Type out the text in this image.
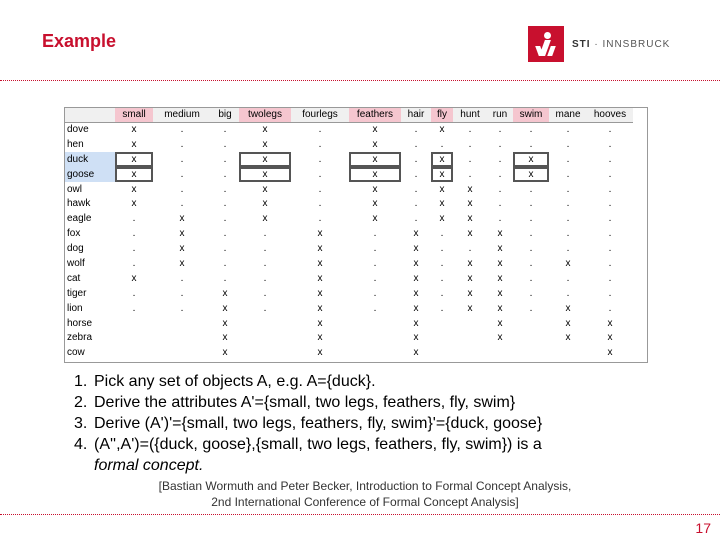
Example	STI · INNSBRUCK
	small	medium	big	twolegs	fourlegs	feathers	hair	fly	hunt	run	swim	mane	hooves
dove	x	.	.	x	.	x	.	x	.	.	.	.	.
hen	x	.	.	x	.	x	.	.	.	.	.	.	.
duck	x	.	.	x	.	x	.	x	.	.	x	.	.
goose	x	.	.	x	.	x	.	x	.	.	x	.	.
owl	x	.	.	x	.	x	.	x	x	.	.	.	.
hawk	x	.	.	x	.	x	.	x	x	.	.	.	.
eagle	.	x	.	x	.	x	.	x	x	.	.	.	.
fox	.	x	.	.	x	.	x	.	x	x	.	.	.
dog	.	x	.	.	x	.	x	.	.	x	.	.	.
wolf	.	x	.	.	x	.	x	.	x	x	.	x	.
cat	x	.	.	.	x	.	x	.	x	x	.	.	.
tiger	.	.	x	.	x	.	x	.	x	x	.	.	.
lion	.	.	x	.	x	.	x	.	x	x	.	x	.
horse			x		x		x			x		x	x
zebra			x		x		x			x		x	x
cow			x		x		x						x
1. Pick any set of objects A, e.g. A={duck}.
2. Derive the attributes A'={small, two legs, feathers, fly, swim}
3. Derive (A')'={small, two legs, feathers, fly, swim}'={duck, goose}
4. (A'',A')=({duck, goose},{small, two legs, feathers, fly, swim}) is a
formal concept.
[Bastian Wormuth and Peter Becker, Introduction to Formal Concept Analysis,
2nd International Conference of Formal Concept Analysis]
17
